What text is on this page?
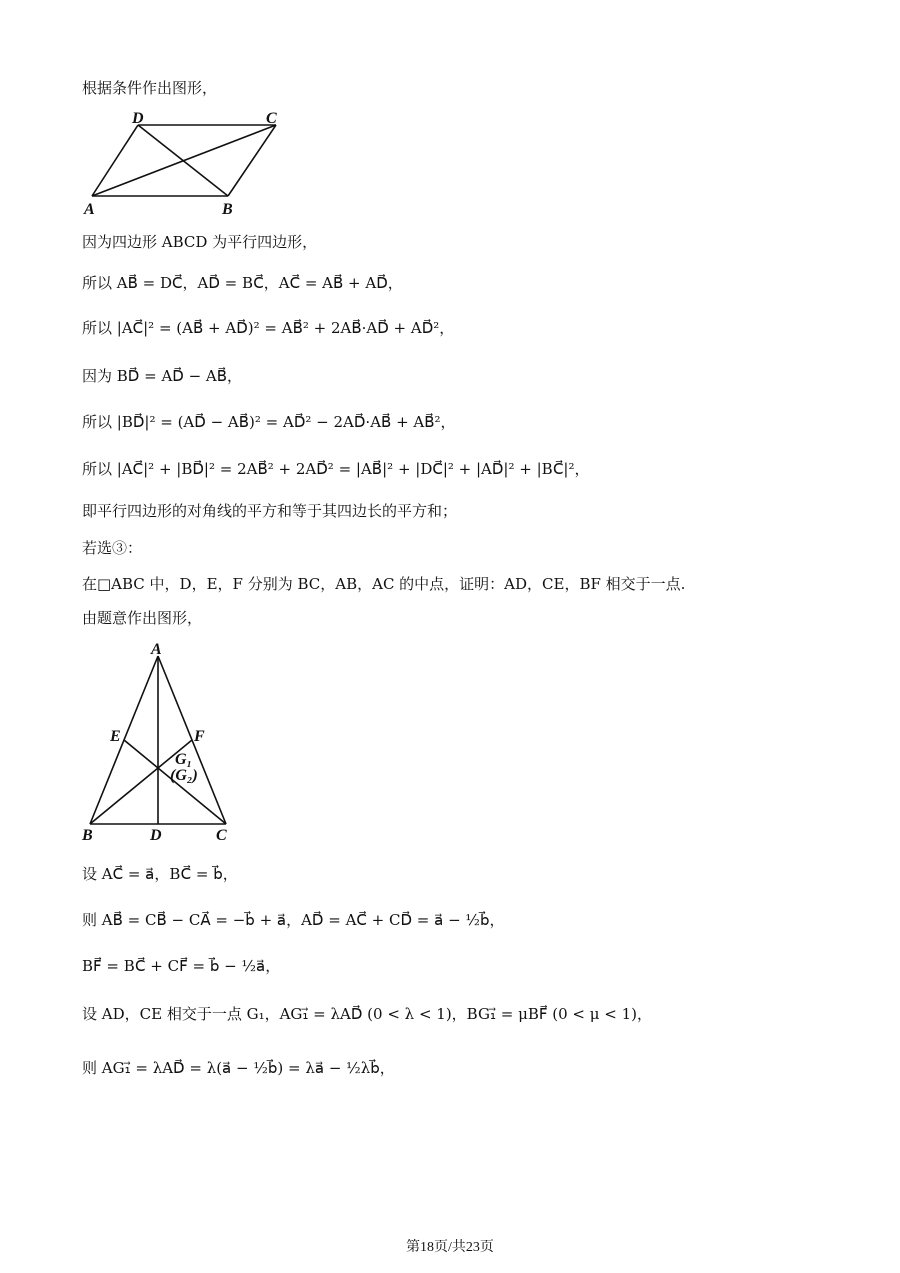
根据条件作出图形，
D	C
A	B
因为四边形 ABCD 为平行四边形，
所以 AB⃗ = DC⃗，AD⃗ = BC⃗，AC⃗ = AB⃗ + AD⃗，
所以 |AC⃗|² = (AB⃗ + AD⃗)² = AB⃗² + 2AB⃗·AD⃗ + AD⃗²，
因为 BD⃗ = AD⃗ − AB⃗，
所以 |BD⃗|² = (AD⃗ − AB⃗)² = AD⃗² − 2AD⃗·AB⃗ + AB⃗²，
所以 |AC⃗|² + |BD⃗|² = 2AB⃗² + 2AD⃗² = |AB⃗|² + |DC⃗|² + |AD⃗|² + |BC⃗|²，
即平行四边形的对角线的平方和等于其四边长的平方和；
若选③：
在□ABC 中，D，E，F 分别为 BC，AB，AC 的中点，证明：AD，CE，BF 相交于一点.
由题意作出图形，
A
E	F
G₁
(G₂)
B	D	C
设 AC⃗ = a⃗，BC⃗ = b⃗，
则 AB⃗ = CB⃗ − CA⃗ = −b⃗ + a⃗，AD⃗ = AC⃗ + CD⃗ = a⃗ − ½b⃗，
BF⃗ = BC⃗ + CF⃗ = b⃗ − ½a⃗，
设 AD，CE 相交于一点 G₁，AG₁⃗ = λAD⃗ (0 < λ < 1)，BG₁⃗ = μBF⃗ (0 < μ < 1)，
则 AG₁⃗ = λAD⃗ = λ(a⃗ − ½b⃗) = λa⃗ − ½λb⃗，
第18页/共23页
